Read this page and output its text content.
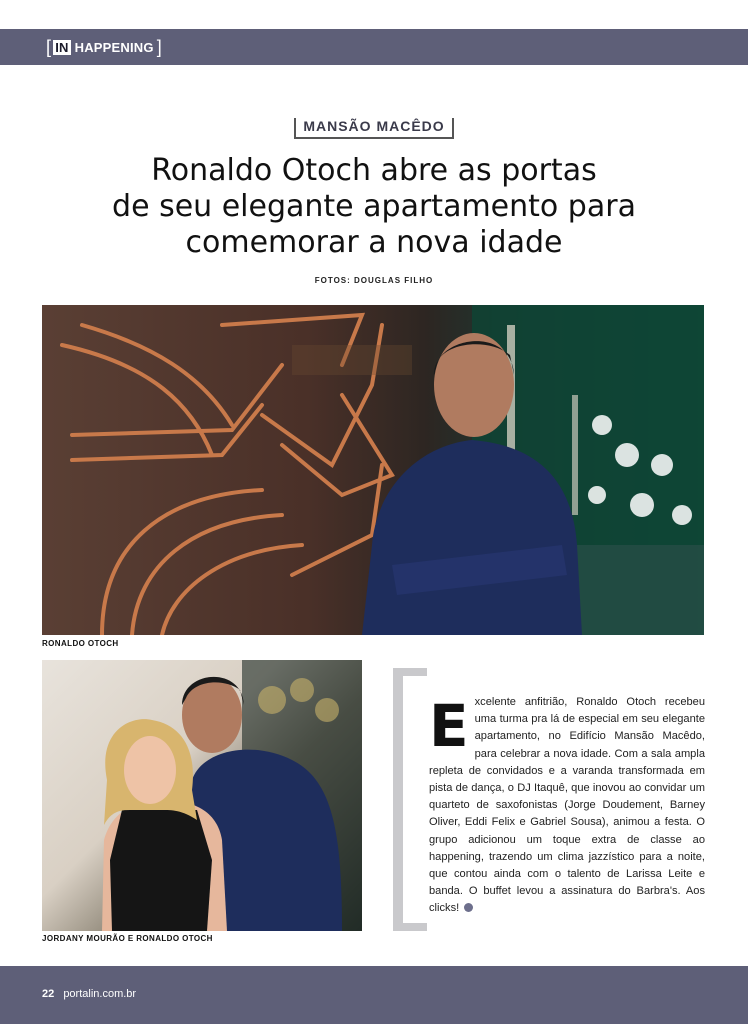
[ IN HAPPENING ]
MANSÃO MACÊDO
Ronaldo Otoch abre as portas
de seu elegante apartamento para
comemorar a nova idade
FOTOS: DOUGLAS FILHO
RONALDO OTOCH
JORDANY MOURÃO E RONALDO OTOCH

Excelente anfitrião, Ronaldo Otoch recebeu uma turma pra lá de especial em seu elegante apartamento, no Edifício Mansão Macêdo, para celebrar a nova idade. Com a sala ampla repleta de convidados e a varanda transformada em pista de dança, o DJ Itaquê, que inovou ao convidar um quarteto de saxofonistas (Jorge Doudement, Barney Oliver, Eddi Felix e Gabriel Sousa), animou a festa. O grupo adicionou um toque extra de classe ao happening, trazendo um clima jazzístico para a noite, que contou ainda com o talento de Larissa Leite e banda. O buffet levou a assinatura do Barbra's. Aos clicks!

22 portalin.com.br
